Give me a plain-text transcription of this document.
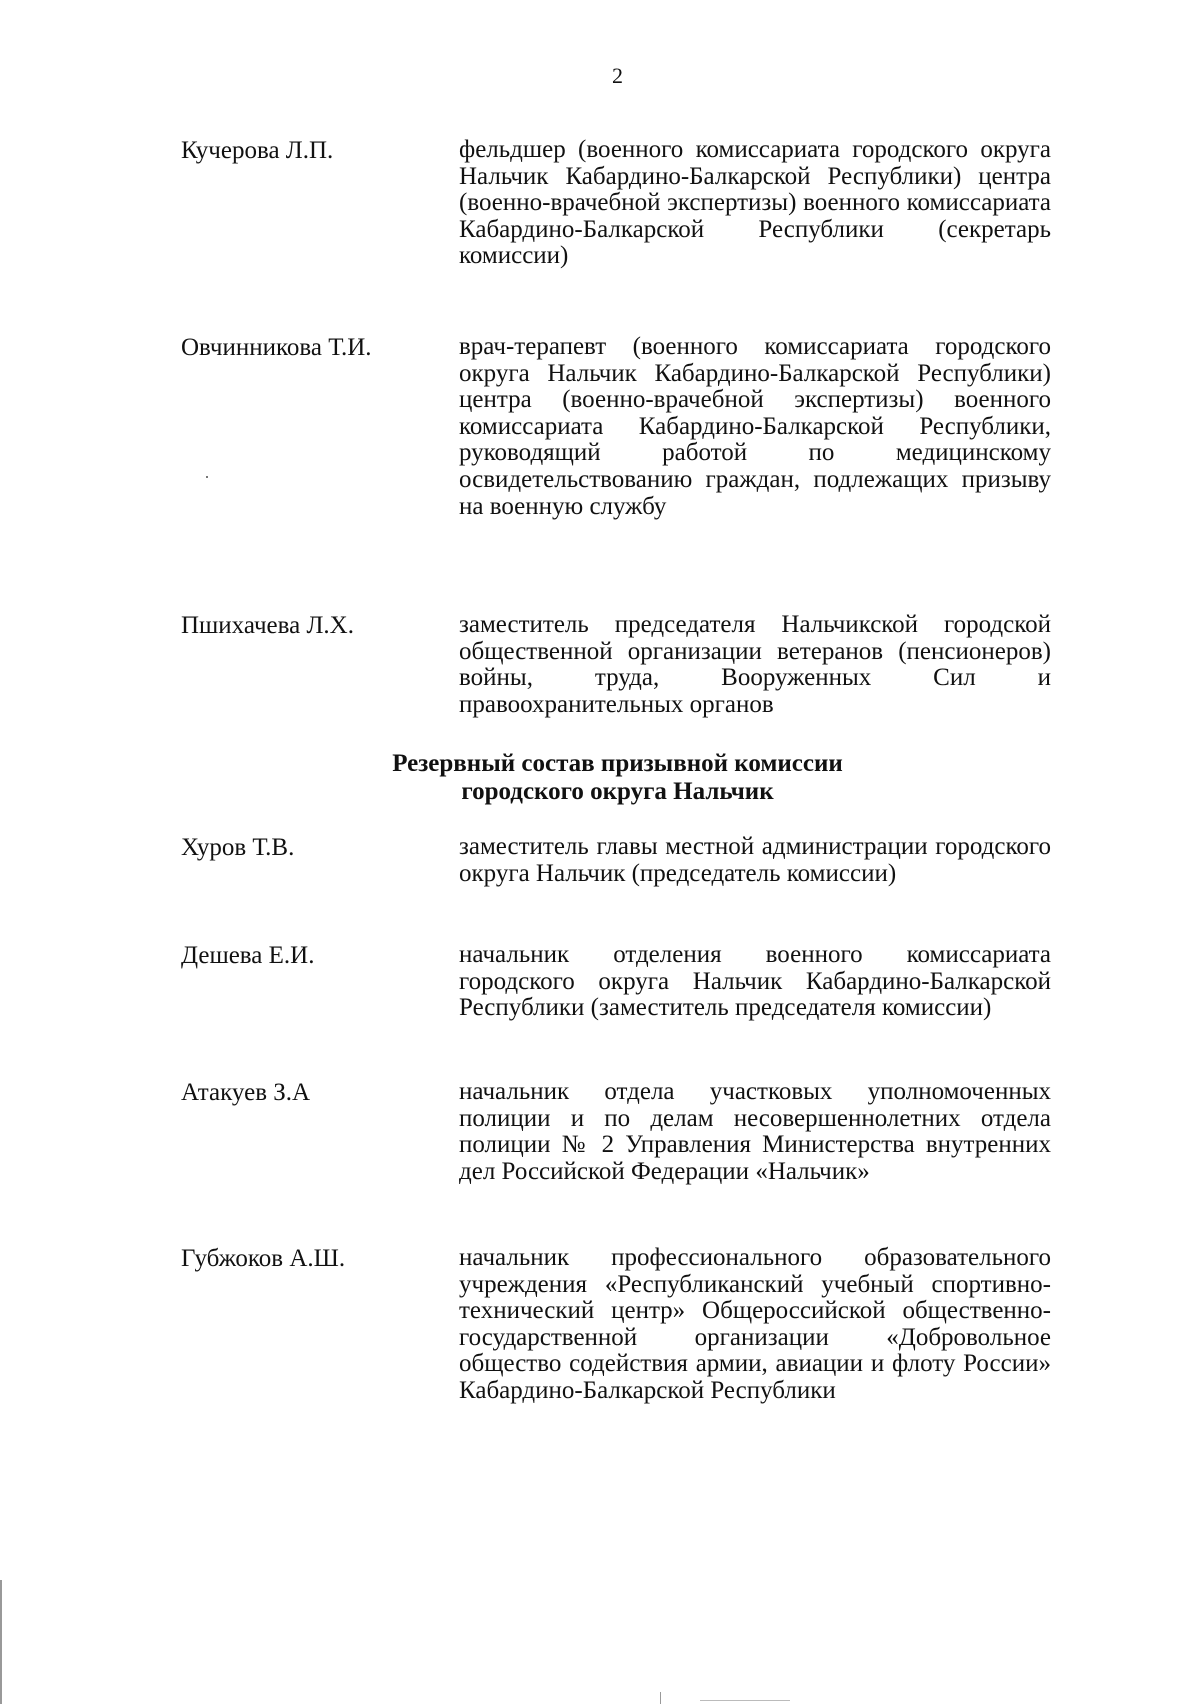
2
Кучерова Л.П.	фельдшер (военного комиссариата городского округа Нальчик Кабардино-Балкарской Республики) центра (военно-врачебной экспертизы) военного комиссариата Кабардино-Балкарской Республики (секретарь комиссии)
Овчинникова Т.И.	врач-терапевт (военного комиссариата городского округа Нальчик Кабардино-Балкарской Республики) центра (военно-врачебной экспертизы) военного комиссариата Кабардино-Балкарской Республики, руководящий работой по медицинскому освидетельствованию граждан, подлежащих призыву на военную службу
Пшихачева Л.Х.	заместитель председателя Нальчикской городской общественной организации ветеранов (пенсионеров) войны, труда, Вооруженных Сил и правоохранительных органов
Резервный состав призывной комиссии
городского округа Нальчик
Хуров Т.В.	заместитель главы местной администрации городского округа Нальчик (председатель комиссии)
Дешева Е.И.	начальник отделения военного комиссариата городского округа Нальчик Кабардино-Балкарской Республики (заместитель председателя комиссии)
Атакуев З.А	начальник отдела участковых уполномоченных полиции и по делам несовершеннолетних отдела полиции № 2 Управления Министерства внутренних дел Российской Федерации «Нальчик»
Губжоков А.Ш.	начальник профессионального образовательного учреждения «Республиканский учебный спортивно-технический центр» Общероссийской общественно-государственной организации «Добровольное общество содействия армии, авиации и флоту России» Кабардино-Балкарской Республики
